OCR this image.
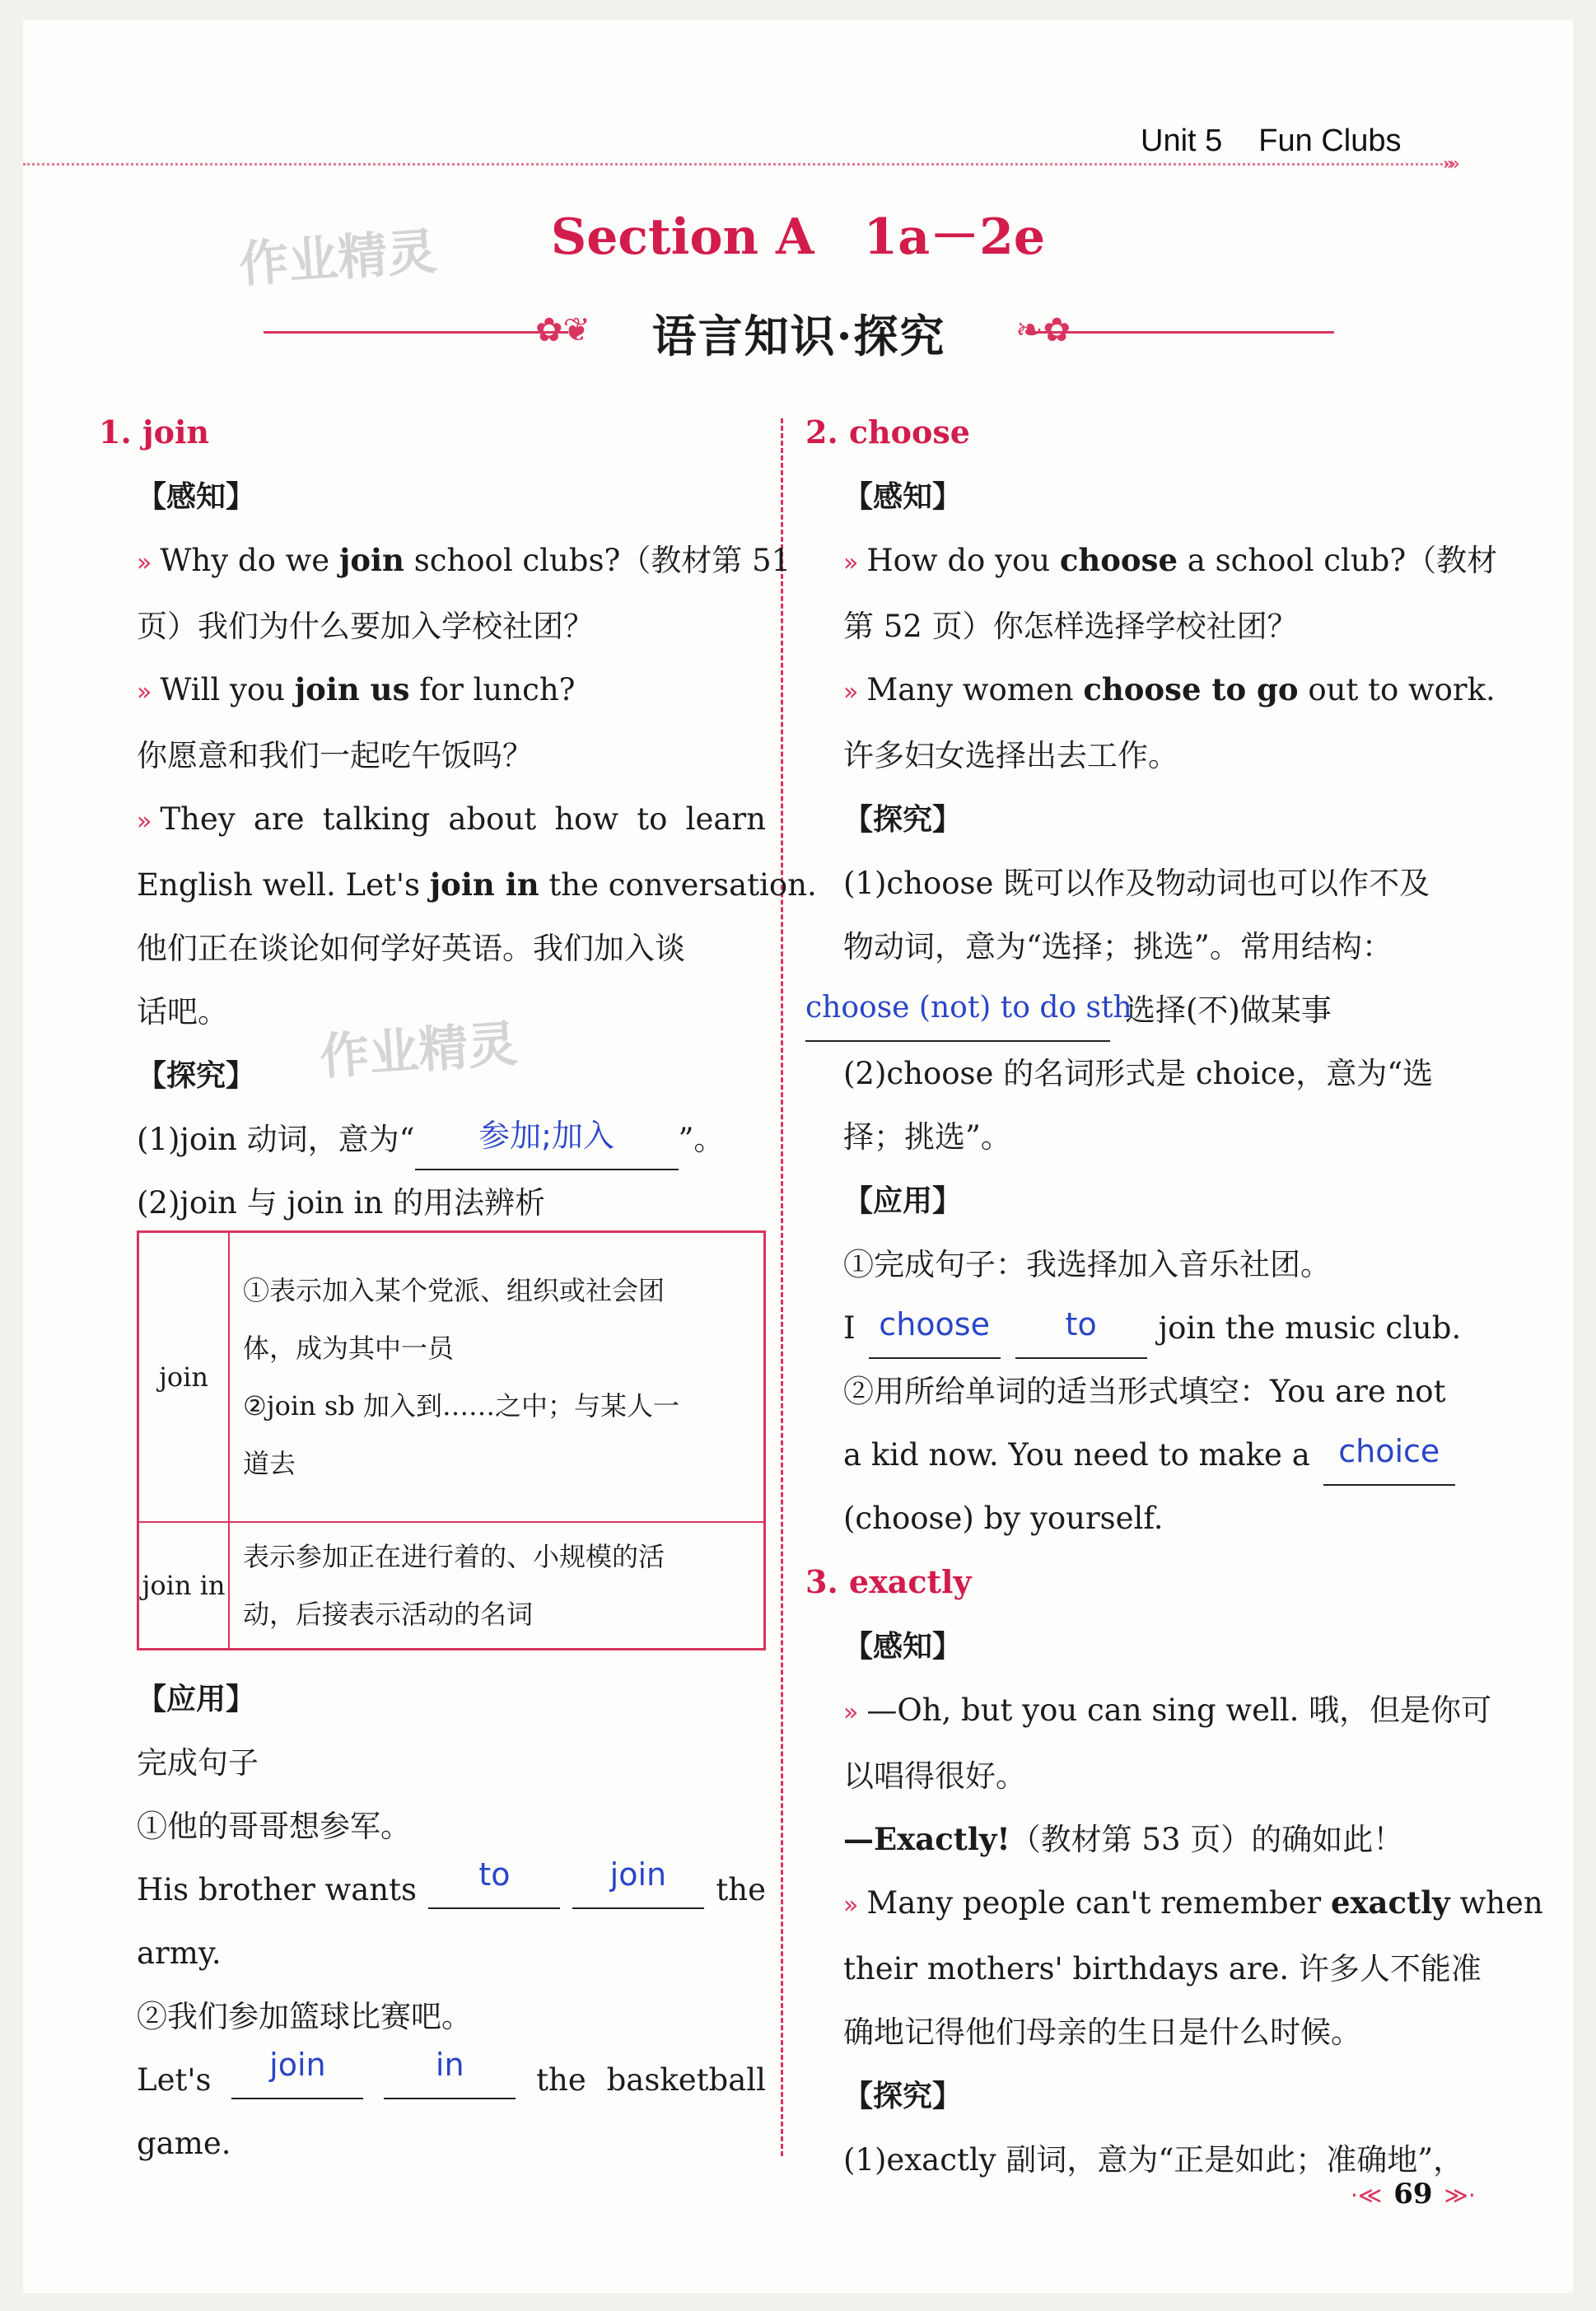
Unit 5 Fun Clubs
»»
Section A　1a－2e
作业精灵
作业精灵
✿❦	❧✿
语言知识·探究

1. join

【感知】

» Why do we join school clubs?（教材第 51

页）我们为什么要加入学校社团？

» Will you join us for lunch?

你愿意和我们一起吃午饭吗？

» They are talking about how to learn

English well. Let's join in the conversation.

他们正在谈论如何学好英语。我们加入谈

话吧。

【探究】

(1)join 动词，意为“ 参加;加入 ”。

(2)join 与 join in 的用法辨析

join	①表示加入某个党派、组织或社会团
体，成为其中一员
②join sb 加入到……之中；与某人一
道去

join in	表示参加正在进行着的、小规模的活
动，后接表示活动的名词

【应用】

完成句子

①他的哥哥想参军。

His brother wants	to	join	the

army.

②我们参加篮球比赛吧。

Let's	join	in	the basketball

game.

2. choose

【感知】

» How do you choose a school club?（教材

第 52 页）你怎样选择学校社团？

» Many women choose to go out to work.

许多妇女选择出去工作。

【探究】

(1)choose 既可以作及物动词也可以作不及

物动词，意为“选择；挑选”。常用结构：

choose (not) to do sth选择(不)做某事

(2)choose 的名词形式是 choice，意为“选

择；挑选”。

【应用】

①完成句子：我选择加入音乐社团。

I choose to join the music club.

②用所给单词的适当形式填空：You are not

a kid now. You need to make a choice

(choose) by yourself.

3. exactly

【感知】

» —Oh, but you can sing well. 哦，但是你可

以唱得很好。

—Exactly!（教材第 53 页）的确如此！

» Many people can't remember exactly when

their mothers' birthdays are. 许多人不能准

确地记得他们母亲的生日是什么时候。

【探究】

(1)exactly 副词，意为“正是如此；准确地”，

·≪ 69 ≫·
